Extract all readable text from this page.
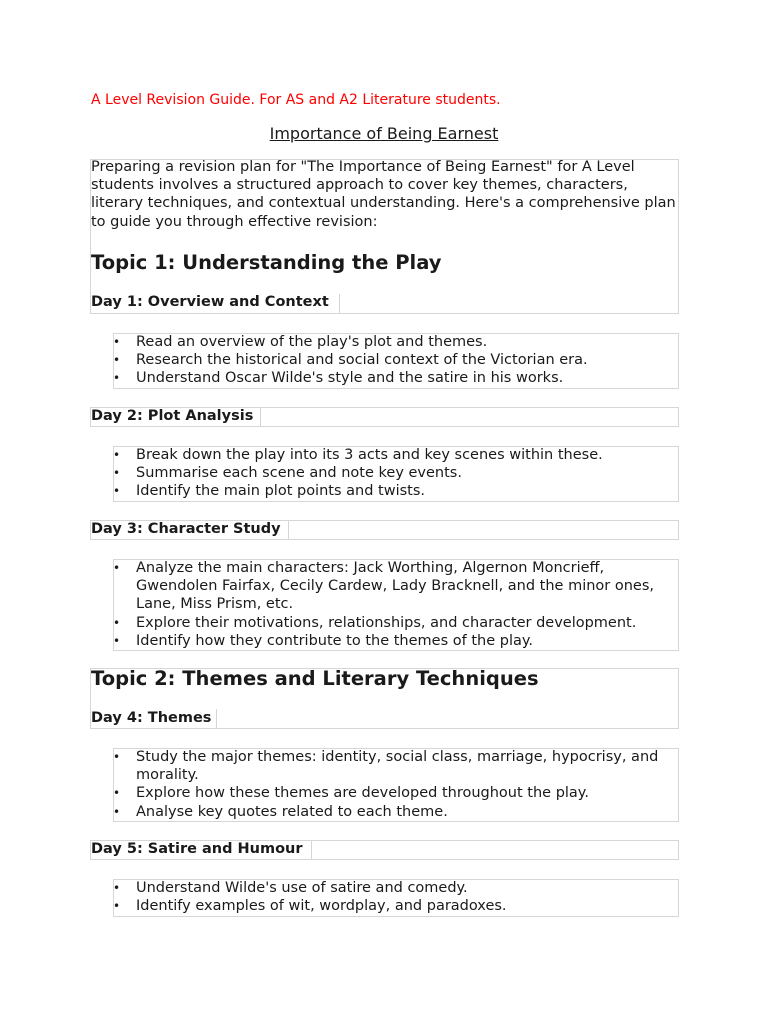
A Level Revision Guide. For AS and A2 Literature students.
Importance of Being Earnest
Preparing a revision plan for "The Importance of Being Earnest" for A Level students involves a structured approach to cover key themes, characters, literary techniques, and contextual understanding. Here's a comprehensive plan to guide you through effective revision:
Topic 1: Understanding the Play
Day 1: Overview and Context
• Read an overview of the play's plot and themes.
• Research the historical and social context of the Victorian era.
• Understand Oscar Wilde's style and the satire in his works.
Day 2: Plot Analysis
• Break down the play into its 3 acts and key scenes within these.
• Summarise each scene and note key events.
• Identify the main plot points and twists.
Day 3: Character Study
• Analyze the main characters: Jack Worthing, Algernon Moncrieff, Gwendolen Fairfax, Cecily Cardew, Lady Bracknell, and the minor ones, Lane, Miss Prism, etc.
• Explore their motivations, relationships, and character development.
• Identify how they contribute to the themes of the play.
Topic 2: Themes and Literary Techniques
Day 4: Themes
• Study the major themes: identity, social class, marriage, hypocrisy, and morality.
• Explore how these themes are developed throughout the play.
• Analyse key quotes related to each theme.
Day 5: Satire and Humour
• Understand Wilde's use of satire and comedy.
• Identify examples of wit, wordplay, and paradoxes.
